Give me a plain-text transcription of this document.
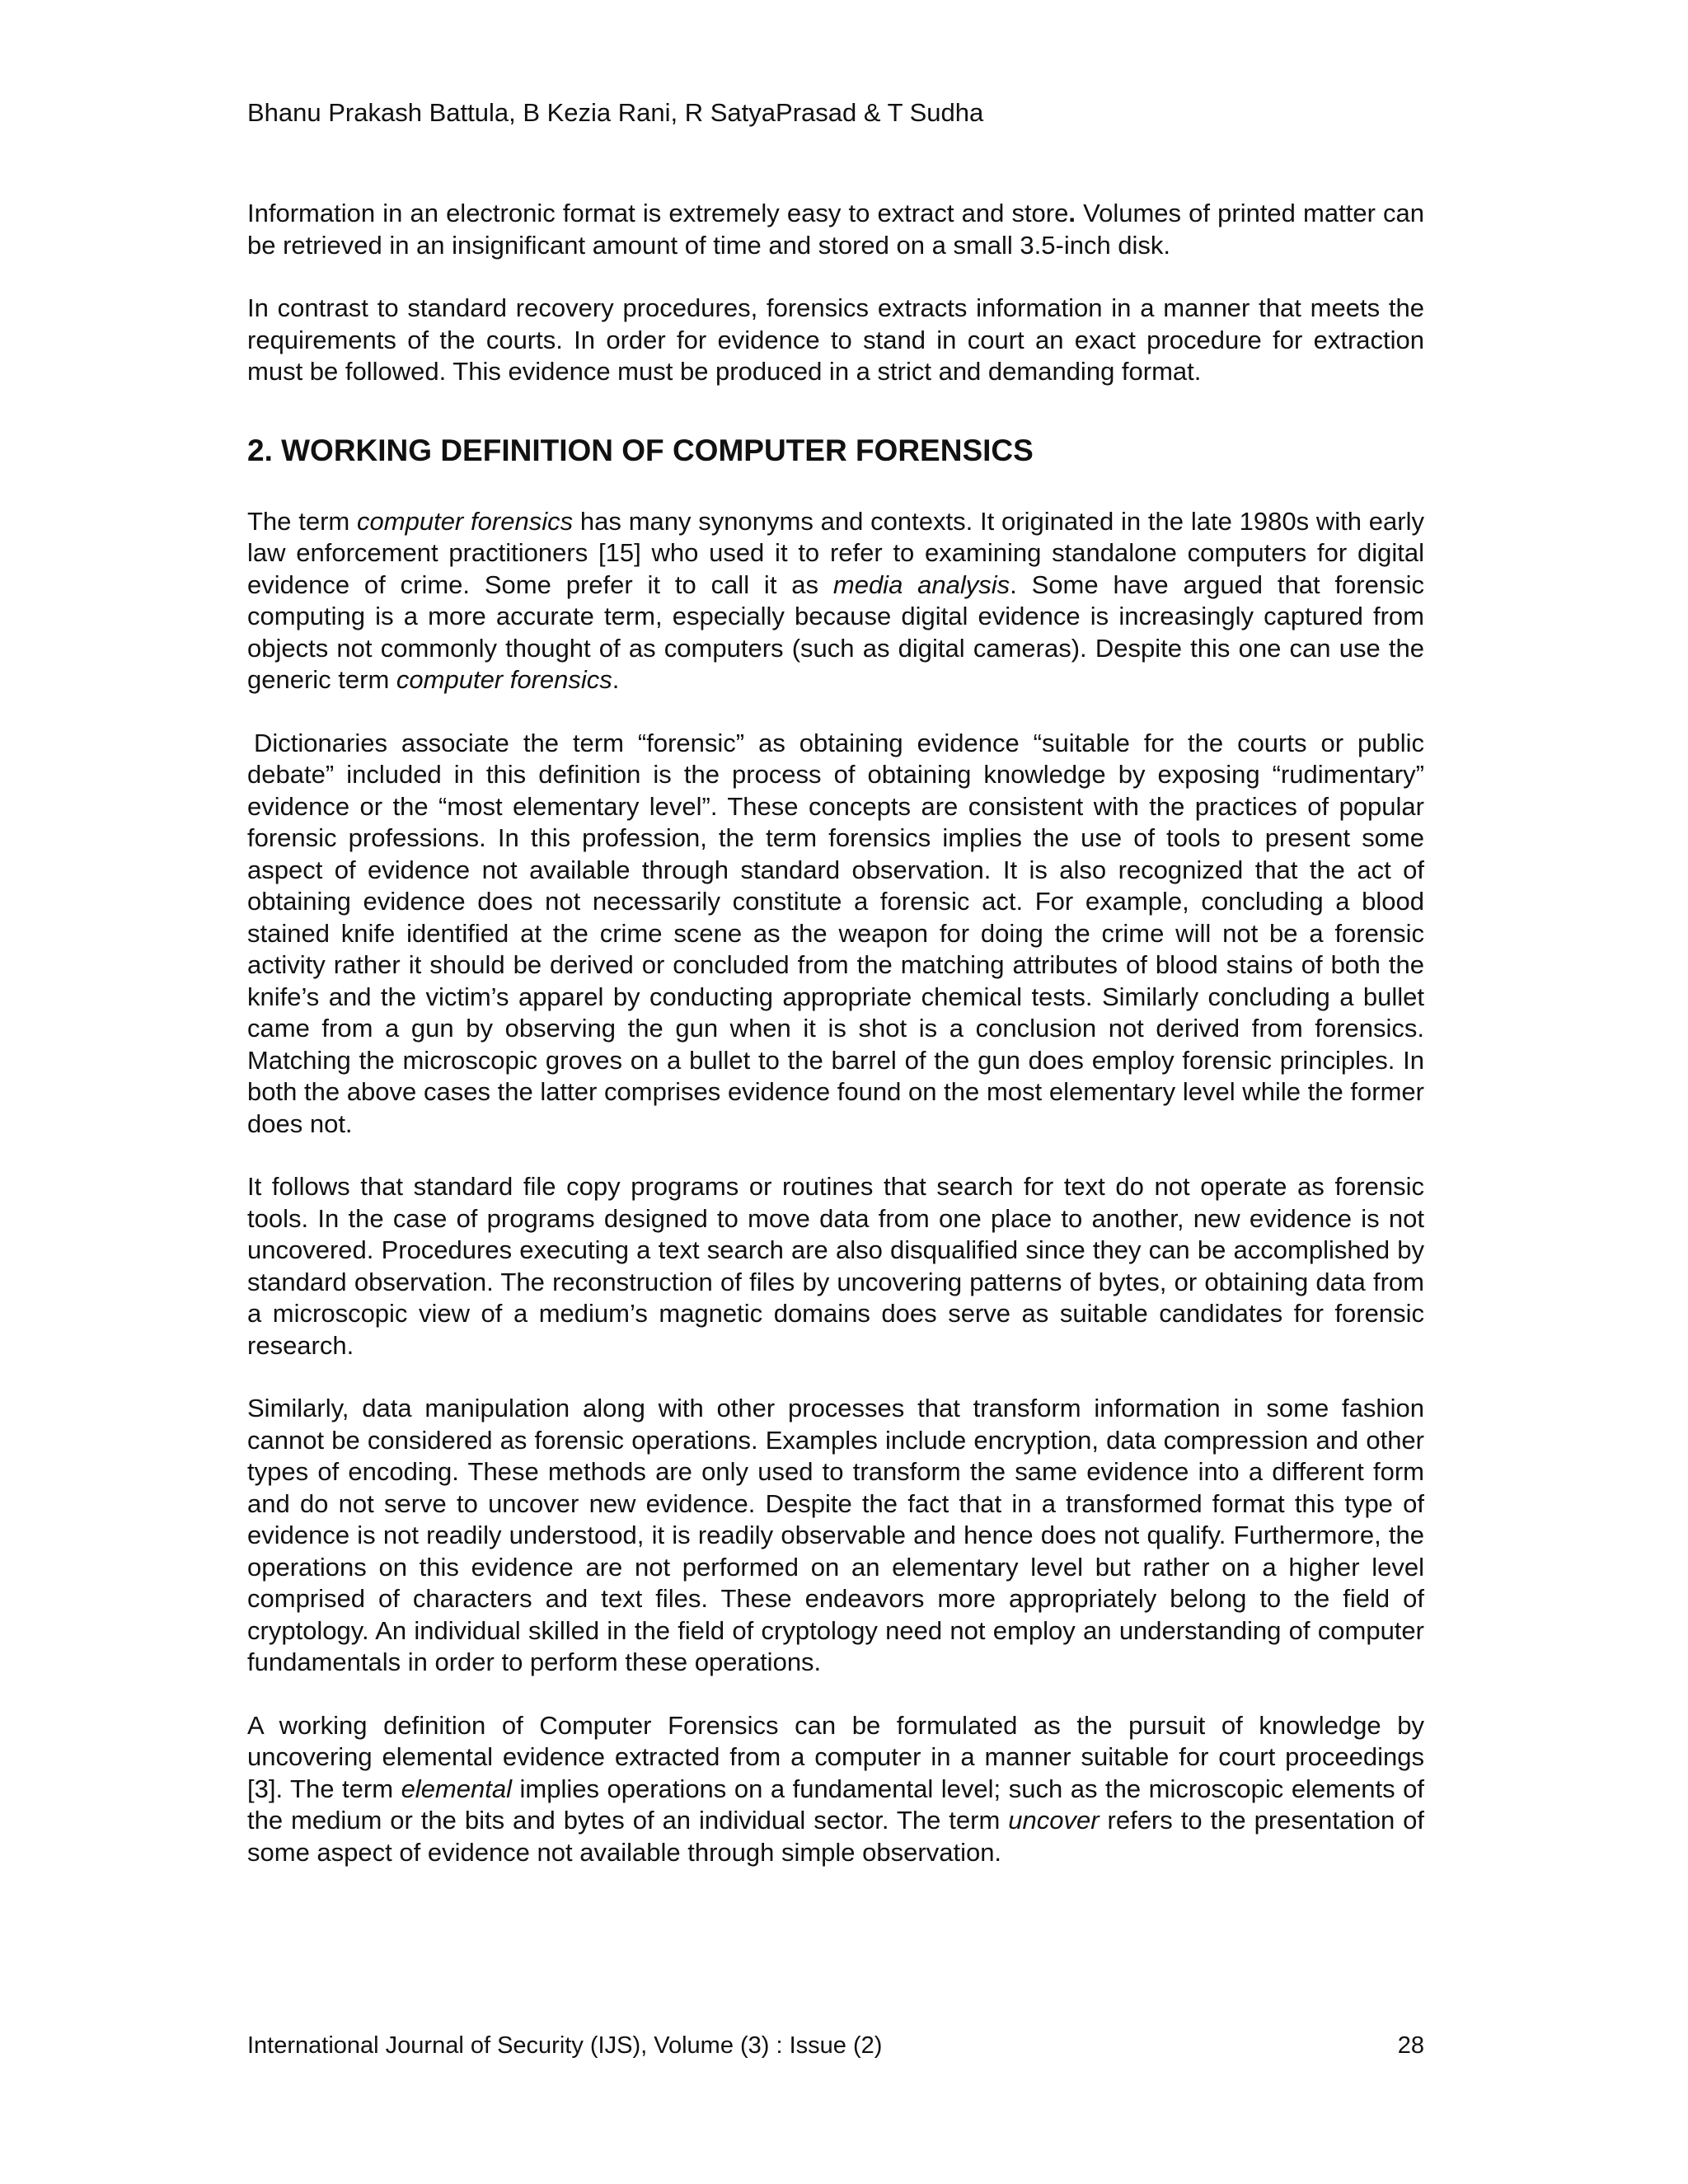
Bhanu Prakash Battula, B Kezia Rani, R SatyaPrasad & T Sudha

Information in an electronic format is extremely easy to extract and store. Volumes of printed matter can be retrieved in an insignificant amount of time and stored on a small 3.5-inch disk.

In contrast to standard recovery procedures, forensics extracts information in a manner that meets the requirements of the courts. In order for evidence to stand in court an exact procedure for extraction must be followed. This evidence must be produced in a strict and demanding format.

2. WORKING DEFINITION OF COMPUTER FORENSICS

The term computer forensics has many synonyms and contexts. It originated in the late 1980s with early law enforcement practitioners [15] who used it to refer to examining standalone computers for digital evidence of crime. Some prefer it to call it as media analysis. Some have argued that forensic computing is a more accurate term, especially because digital evidence is increasingly captured from objects not commonly thought of as computers (such as digital cameras). Despite this one can use the generic term computer forensics.

Dictionaries associate the term “forensic” as obtaining evidence “suitable for the courts or public debate” included in this definition is the process of obtaining knowledge by exposing “rudimentary” evidence or the “most elementary level”. These concepts are consistent with the practices of popular forensic professions. In this profession, the term forensics implies the use of tools to present some aspect of evidence not available through standard observation. It is also recognized that the act of obtaining evidence does not necessarily constitute a forensic act. For example, concluding a blood stained knife identified at the crime scene as the weapon for doing the crime will not be a forensic activity rather it should be derived or concluded from the matching attributes of blood stains of both the knife’s and the victim’s apparel by conducting appropriate chemical tests. Similarly concluding a bullet came from a gun by observing the gun when it is shot is a conclusion not derived from forensics. Matching the microscopic groves on a bullet to the barrel of the gun does employ forensic principles. In both the above cases the latter comprises evidence found on the most elementary level while the former does not.

It follows that standard file copy programs or routines that search for text do not operate as forensic tools. In the case of programs designed to move data from one place to another, new evidence is not uncovered. Procedures executing a text search are also disqualified since they can be accomplished by standard observation. The reconstruction of files by uncovering patterns of bytes, or obtaining data from a microscopic view of a medium’s magnetic domains does serve as suitable candidates for forensic research.

Similarly, data manipulation along with other processes that transform information in some fashion cannot be considered as forensic operations. Examples include encryption, data compression and other types of encoding. These methods are only used to transform the same evidence into a different form and do not serve to uncover new evidence. Despite the fact that in a transformed format this type of evidence is not readily understood, it is readily observable and hence does not qualify. Furthermore, the operations on this evidence are not performed on an elementary level but rather on a higher level comprised of characters and text files. These endeavors more appropriately belong to the field of cryptology. An individual skilled in the field of cryptology need not employ an understanding of computer fundamentals in order to perform these operations.

A working definition of Computer Forensics can be formulated as the pursuit of knowledge by uncovering elemental evidence extracted from a computer in a manner suitable for court proceedings [3]. The term elemental implies operations on a fundamental level; such as the microscopic elements of the medium or the bits and bytes of an individual sector. The term uncover refers to the presentation of some aspect of evidence not available through simple observation.

International Journal of Security (IJS), Volume (3) : Issue (2)	28
